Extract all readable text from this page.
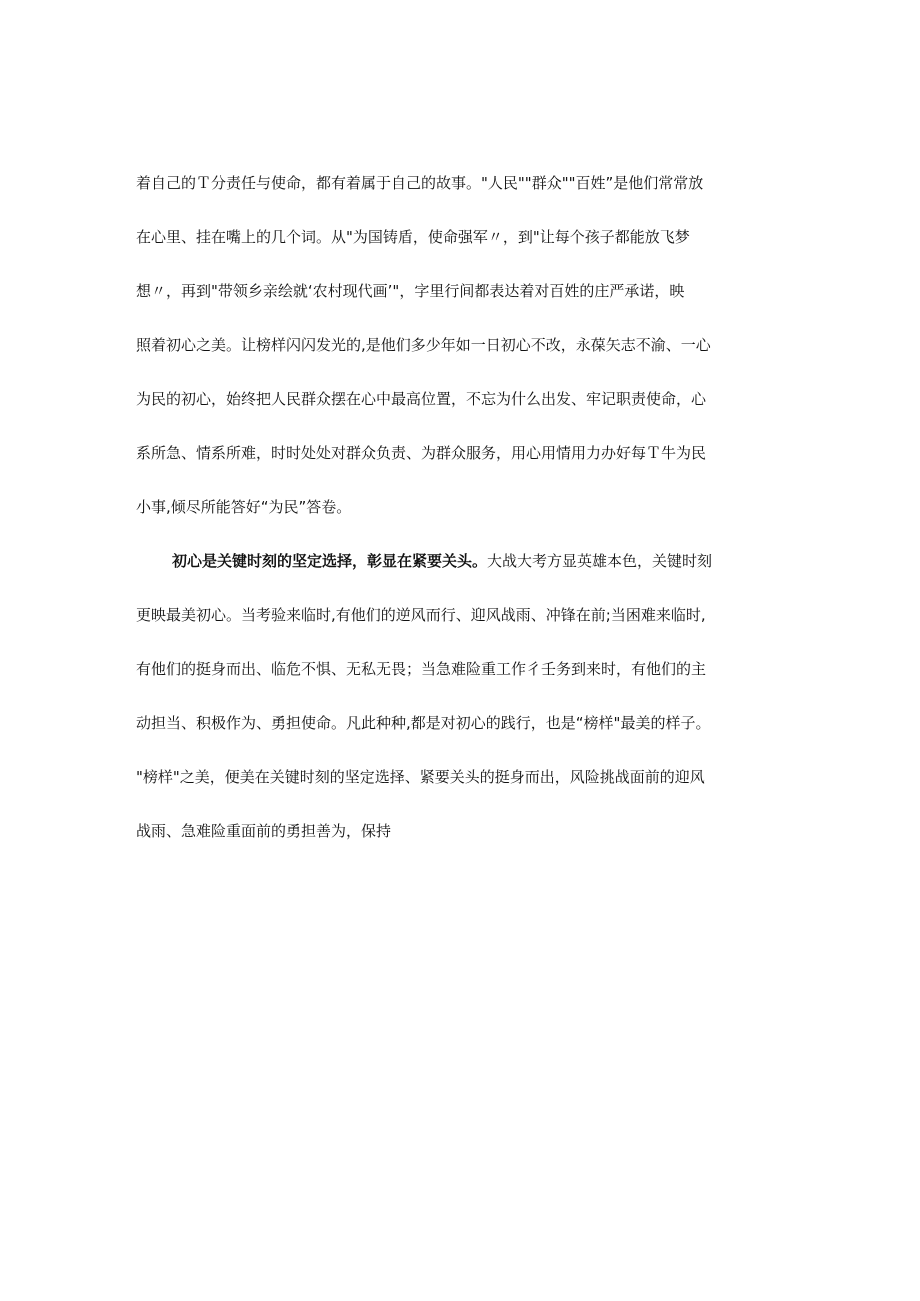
着自己的Ｔ分责任与使命，都有着属于自己的故事。"人民""群众""百姓”是他们常常放
在心里、挂在嘴上的几个词。从"为国铸盾，使命强军〃，到"让每个孩子都能放飞梦
想〃，再到"带领乡亲绘就‘农村现代画’"，字里行间都表达着对百姓的庄严承诺，映
照着初心之美。让榜样闪闪发光的,是他们多少年如一日初心不改，永葆矢志不渝、一心
为民的初心，始终把人民群众摆在心中最高位置，不忘为什么出发、牢记职责使命，心
系所急、情系所难，时时处处对群众负责、为群众服务，用心用情用力办好每Ｔ牛为民
小事,倾尽所能答好“为民”答卷。
初心是关键时刻的坚定选择，彰显在紧要关头。大战大考方显英雄本色，关键时刻
更映最美初心。当考验来临时,有他们的逆风而行、迎风战雨、冲锋在前;当困难来临时,
有他们的挺身而出、临危不惧、无私无畏；当急难险重工作彳壬务到来时，有他们的主
动担当、积极作为、勇担使命。凡此种种,都是对初心的践行，也是“榜样"最美的样子。
"榜样"之美，便美在关键时刻的坚定选择、紧要关头的挺身而出，风险挑战面前的迎风
战雨、急难险重面前的勇担善为，保持
